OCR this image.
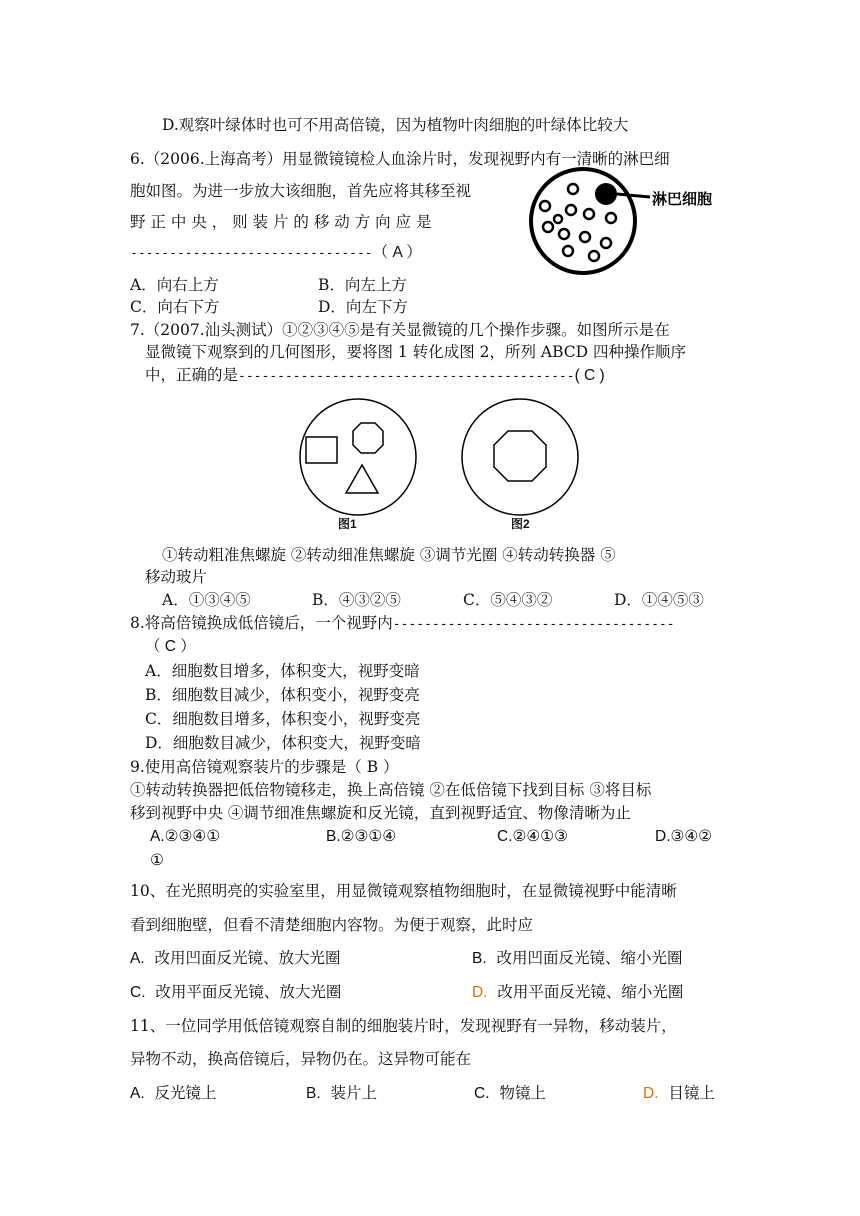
D.观察叶绿体时也可不用高倍镜，因为植物叶肉细胞的叶绿体比较大
6.（2006.上海高考）用显微镜镜检人血涂片时，发现视野内有一清晰的淋巴细
胞如图。为进一步放大该细胞，首先应将其移至视
野 正 中 央 ， 则 装 片 的 移 动 方 向 应 是
-------------------------------（ A ）
淋巴细胞
A．向右上方	B．向左上方
C．向右下方	D．向左下方
7.（2007.汕头测试）①②③④⑤是有关显微镜的几个操作步骤。如图所示是在
显微镜下观察到的几何图形，要将图 1 转化成图 2，所列 ABCD 四种操作顺序
中，正确的是-------------------------------------------( C )
图1	图2
①转动粗准焦螺旋 ②转动细准焦螺旋 ③调节光圈 ④转动转换器 ⑤
移动玻片
A．①③④⑤	B．④③②⑤	C．⑤④③②	D．①④⑤③
8.将高倍镜换成低倍镜后，一个视野内------------------------------------
（ C ）
A．细胞数目增多，体积变大，视野变暗
B．细胞数目减少，体积变小，视野变亮
C．细胞数目增多，体积变小，视野变亮
D．细胞数目减少，体积变大，视野变暗
9.使用高倍镜观察装片的步骤是（ B ）
①转动转换器把低倍物镜移走，换上高倍镜 ②在低倍镜下找到目标 ③将目标
移到视野中央 ④调节细准焦螺旋和反光镜，直到视野适宜、物像清晰为止
A.②③④①	B.②③①④	C.②④①③	D.③④②
①
10、在光照明亮的实验室里，用显微镜观察植物细胞时，在显微镜视野中能清晰
看到细胞壁，但看不清楚细胞内容物。为便于观察，此时应
A. 改用凹面反光镜、放大光圈	B. 改用凹面反光镜、缩小光圈
C. 改用平面反光镜、放大光圈	D. 改用平面反光镜、缩小光圈
11、一位同学用低倍镜观察自制的细胞装片时，发现视野有一异物，移动装片，
异物不动，换高倍镜后，异物仍在。这异物可能在
A. 反光镜上	B. 装片上	C. 物镜上	D. 目镜上
